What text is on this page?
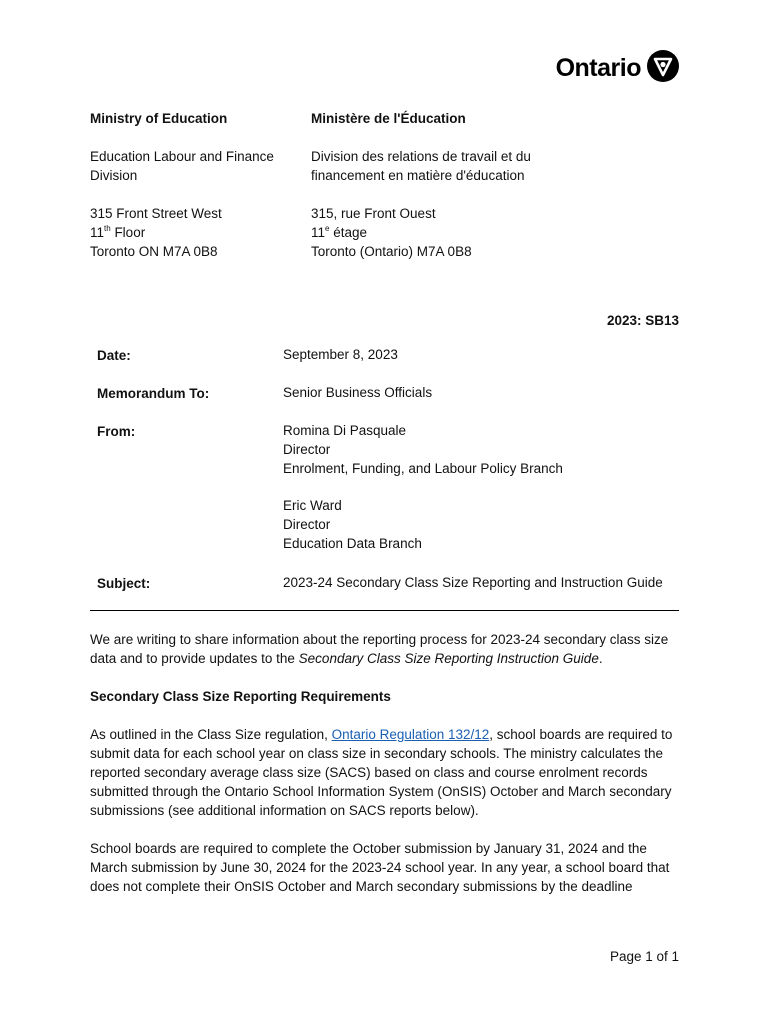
Ontario
Ministry of Education
Education Labour and Finance
Division
315 Front Street West
11th Floor
Toronto ON M7A 0B8
Ministère de l'Éducation
Division des relations de travail et du
financement en matière d'éducation
315, rue Front Ouest
11e étage
Toronto (Ontario) M7A 0B8
2023: SB13
Date:	September 8, 2023
Memorandum To:	Senior Business Officials
From:	Romina Di Pasquale
Director
Enrolment, Funding, and Labour Policy Branch
Eric Ward
Director
Education Data Branch
Subject:	2023-24 Secondary Class Size Reporting and Instruction Guide

We are writing to share information about the reporting process for 2023-24 secondary class size data and to provide updates to the Secondary Class Size Reporting Instruction Guide.

Secondary Class Size Reporting Requirements

As outlined in the Class Size regulation, Ontario Regulation 132/12, school boards are required to submit data for each school year on class size in secondary schools. The ministry calculates the reported secondary average class size (SACS) based on class and course enrolment records submitted through the Ontario School Information System (OnSIS) October and March secondary submissions (see additional information on SACS reports below).

School boards are required to complete the October submission by January 31, 2024 and the March submission by June 30, 2024 for the 2023-24 school year. In any year, a school board that does not complete their OnSIS October and March secondary submissions by the deadline

Page 1 of 1
